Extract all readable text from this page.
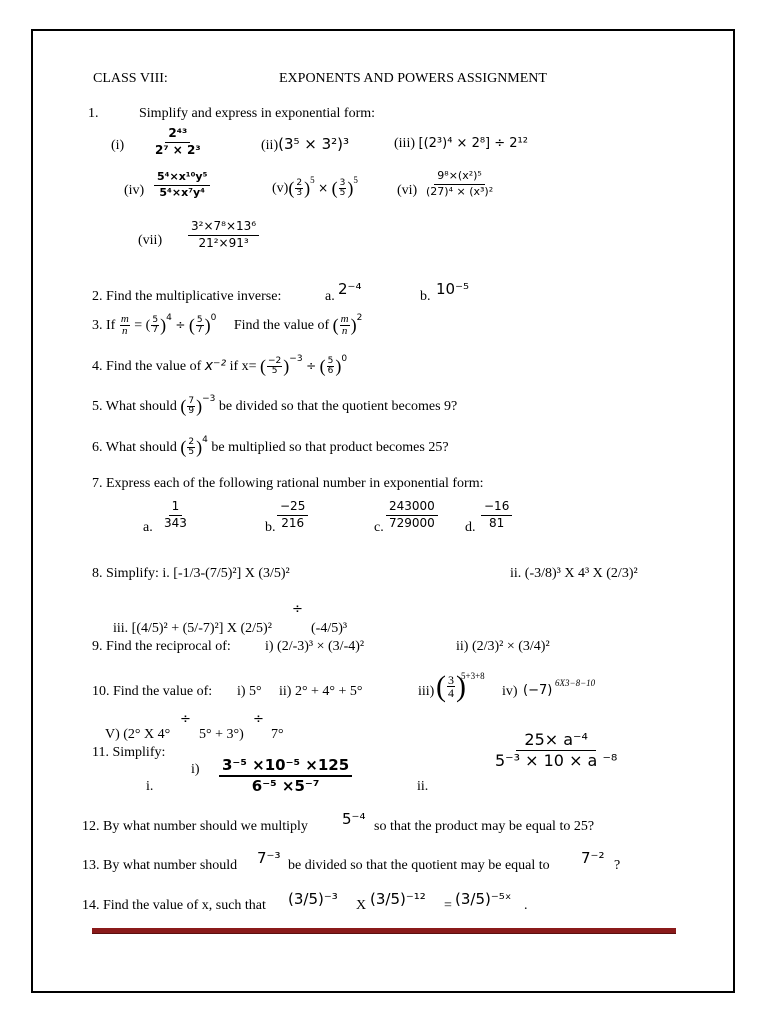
CLASS VIII:	EXPONENTS AND POWERS ASSIGNMENT
1.	Simplify and express in exponential form:
$(i) \frac{\text{2⁴³}}{\text{2⁷ × 2³}}$	(ii)(3⁵ × 3²)³	(iii) [(2³)⁴ × 2⁸] ÷ 2¹²
$(iv) \frac{\text{5⁴×x¹⁰y⁵}}{\text{5⁴×x⁷y⁴}}$	$(v)( \frac{2}{3} )^5$ × ( $\frac{3}{5} )^5$
$(vi) \frac{\text{9⁸×(x²)⁵}}{\text{(27)⁴ × (x³)²}}$
$(vii) \frac{\text{3²×7⁸×13⁶}}{\text{21²×91³}}$
2. Find the multiplicative inverse:	a. 2⁻⁴	b. 10⁻⁵
3. If $\frac{m}{n}$ = ( $\frac{5}{7} )^4$ ÷ ( $\frac{5}{7} )^0$ Find the value of ( $\frac{m}{n} )^2$
4. Find the value of x⁻² if x= ( $\frac{-2}{5} )^{-3}$ ÷ ( $\frac{5}{6} )^0$
5. What should ( $\frac{7}{9} )^{-3}$ be divided so that the quotient becomes 9?
6. What should ( $\frac{2}{5} )^4$ be multiplied so that product becomes 25?
7. Express each of the following rational number in exponential form:
a. $\frac{1}{343}$	b. $\frac{-25}{216}$	c. $\frac{243000}{729000} d$. $\frac{-16}{81}$
8. Simplify: i. [-1/3-(7/5)²] X (3/5)²	ii. (-3/8)³ X 4³ X (2/3)²
÷
iii. [(4/5)² + (5/-7)²] X (2/5)²	(-4/5)³
9. Find the reciprocal of: i) (2/-3)³ × (3/-4)²	ii) (2/3)² × (3/4)²
10. Find the value of: i) 5° ii) 2° + 4° + 5°	iii) ( $\frac{3}{4}$ )
5+3+8
iv) (−7) 6X3−8−10
÷	÷
V) (2° X 4° 5° + 3°) 7°
11. Simplify:
i.
$i) \frac{\text{3⁻⁵ ×10⁻⁵ ×125}}{\text{6⁻⁵ ×5⁻⁷}}$	ii.
$\frac{\text{25× a⁻⁴}}{\text{5⁻³ × 10 × a ⁻⁸}}$
12. By what number should we multiply 5⁻⁴ so that the product may be equal to 25?
13. By what number should 7⁻³ be divided so that the quotient may be equal to 7⁻² ?
14. Find the value of x, such that (3/5)⁻³ X (3/5)⁻¹² = (3/5)⁻⁵ˣ .
